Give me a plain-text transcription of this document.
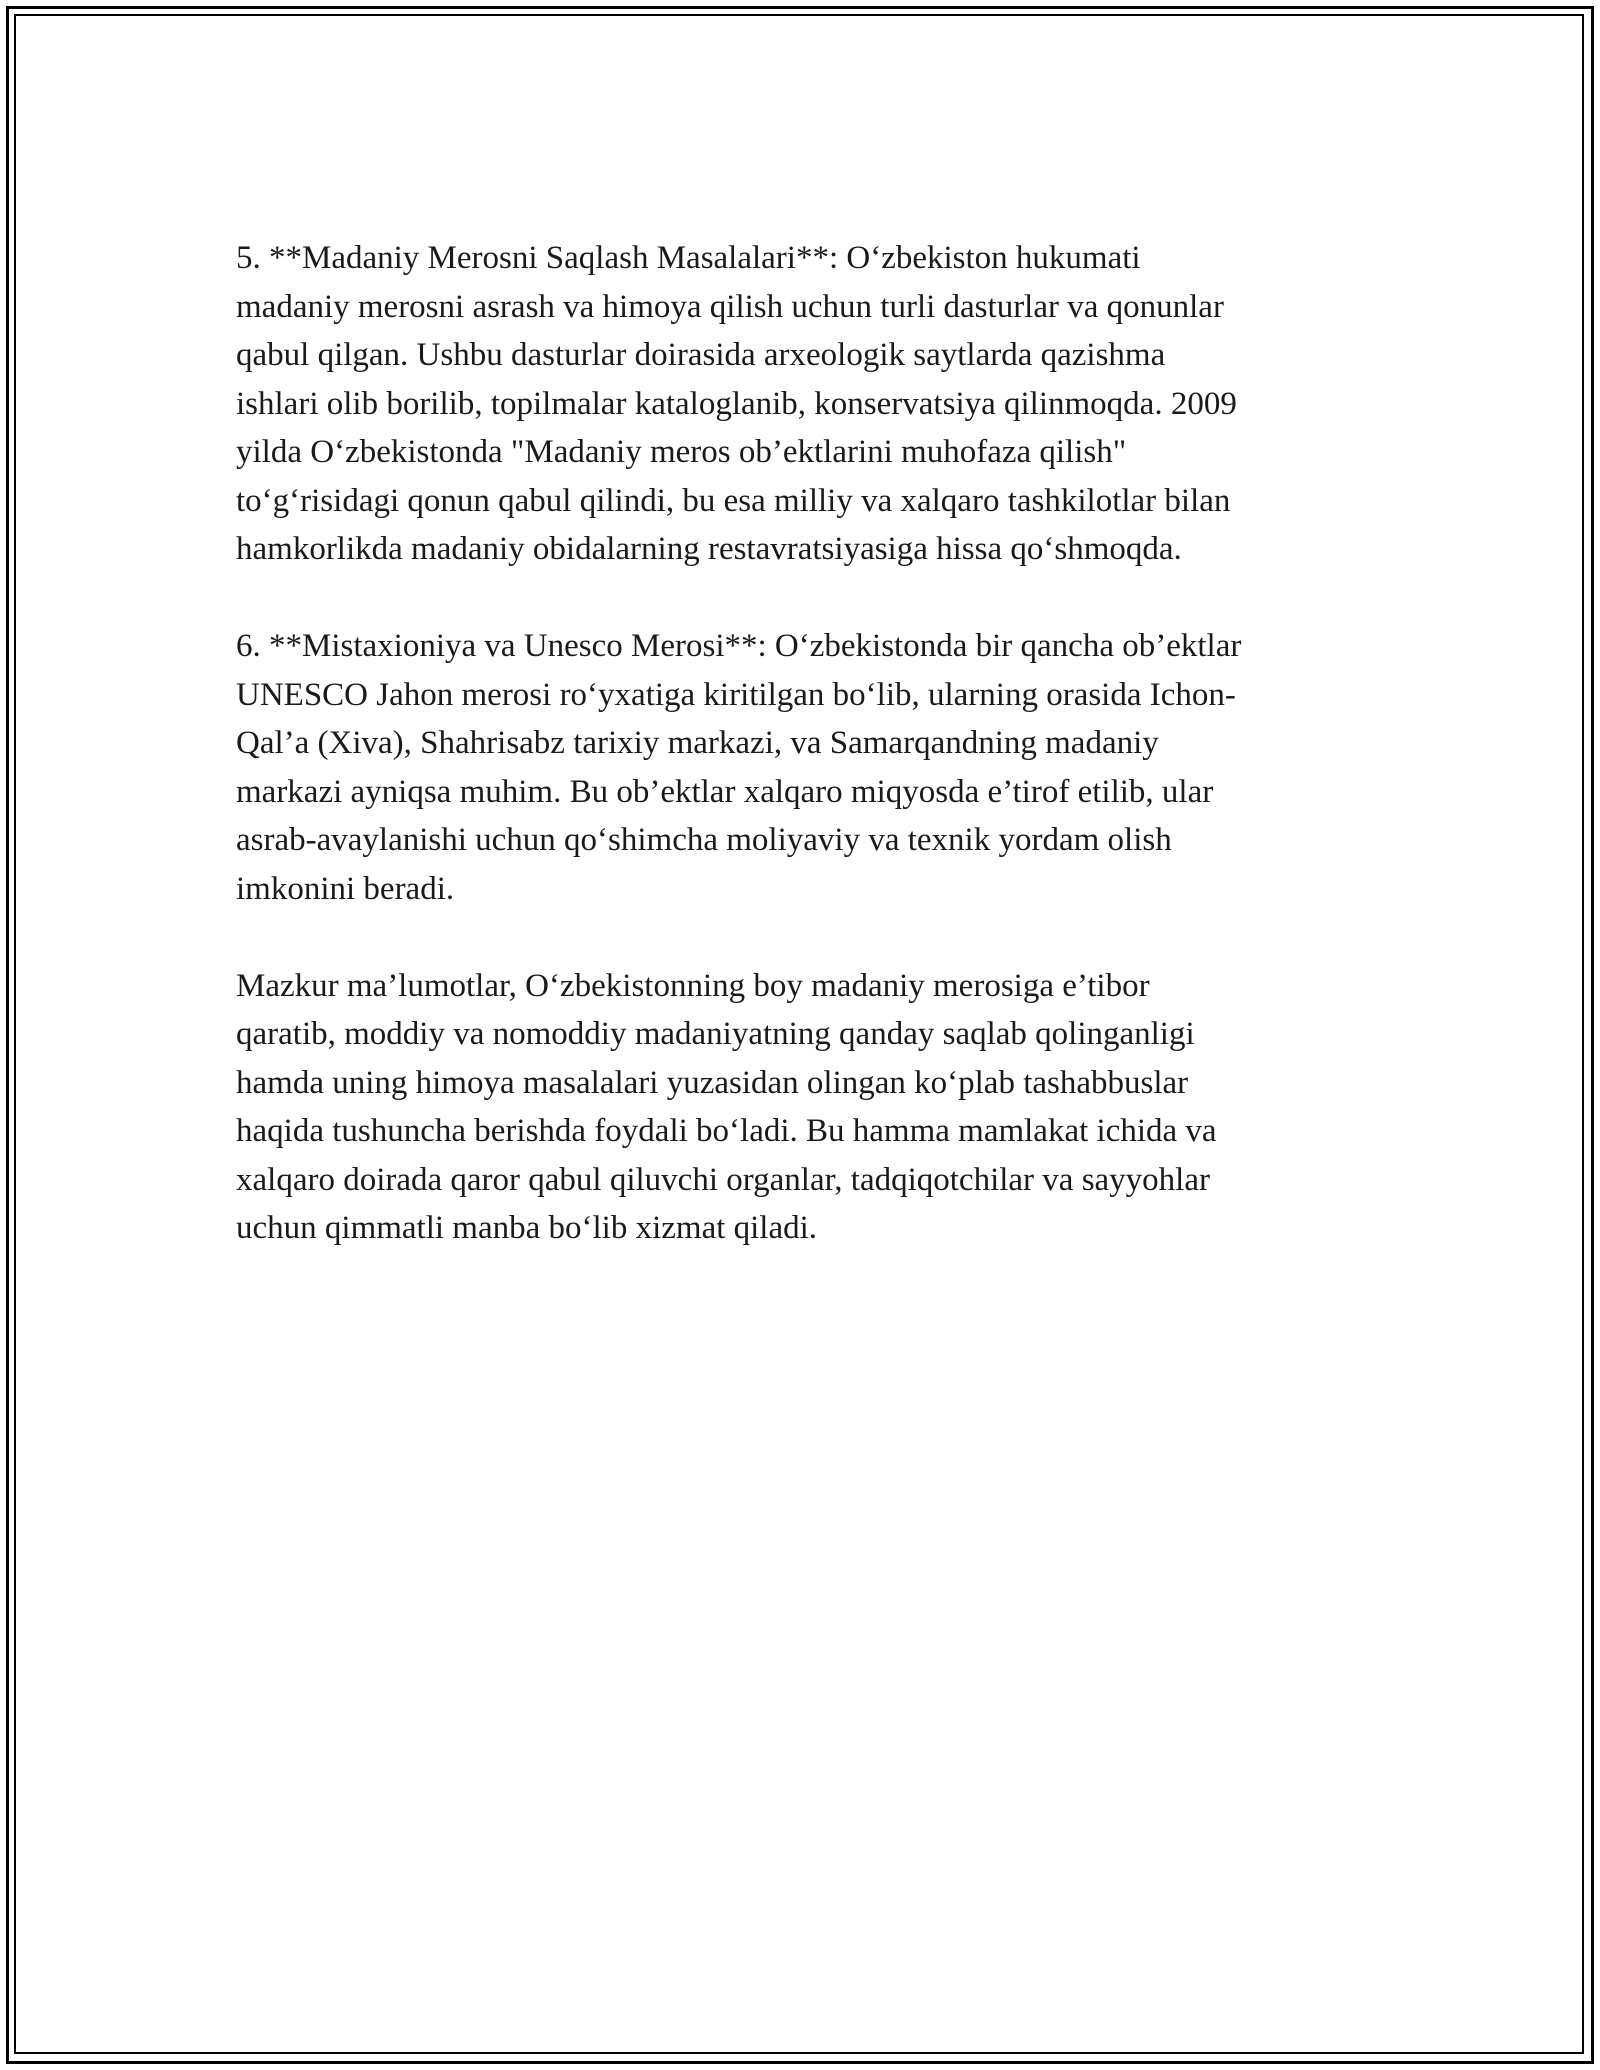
5. **Madaniy Merosni Saqlash Masalalari**: O‘zbekiston hukumati
madaniy merosni asrash va himoya qilish uchun turli dasturlar va qonunlar
qabul qilgan. Ushbu dasturlar doirasida arxeologik saytlarda qazishma
ishlari olib borilib, topilmalar kataloglanib, konservatsiya qilinmoqda. 2009
yilda O‘zbekistonda "Madaniy meros ob’ektlarini muhofaza qilish"
to‘g‘risidagi qonun qabul qilindi, bu esa milliy va xalqaro tashkilotlar bilan
hamkorlikda madaniy obidalarning restavratsiyasiga hissa qo‘shmoqda.

6. **Mistaxioniya va Unesco Merosi**: O‘zbekistonda bir qancha ob’ektlar
UNESCO Jahon merosi ro‘yxatiga kiritilgan bo‘lib, ularning orasida Ichon-
Qal’a (Xiva), Shahrisabz tarixiy markazi, va Samarqandning madaniy
markazi ayniqsa muhim. Bu ob’ektlar xalqaro miqyosda e’tirof etilib, ular
asrab-avaylanishi uchun qo‘shimcha moliyaviy va texnik yordam olish
imkonini beradi.

Mazkur ma’lumotlar, O‘zbekistonning boy madaniy merosiga e’tibor
qaratib, moddiy va nomoddiy madaniyatning qanday saqlab qolinganligi
hamda uning himoya masalalari yuzasidan olingan ko‘plab tashabbuslar
haqida tushuncha berishda foydali bo‘ladi. Bu hamma mamlakat ichida va
xalqaro doirada qaror qabul qiluvchi organlar, tadqiqotchilar va sayyohlar
uchun qimmatli manba bo‘lib xizmat qiladi.
